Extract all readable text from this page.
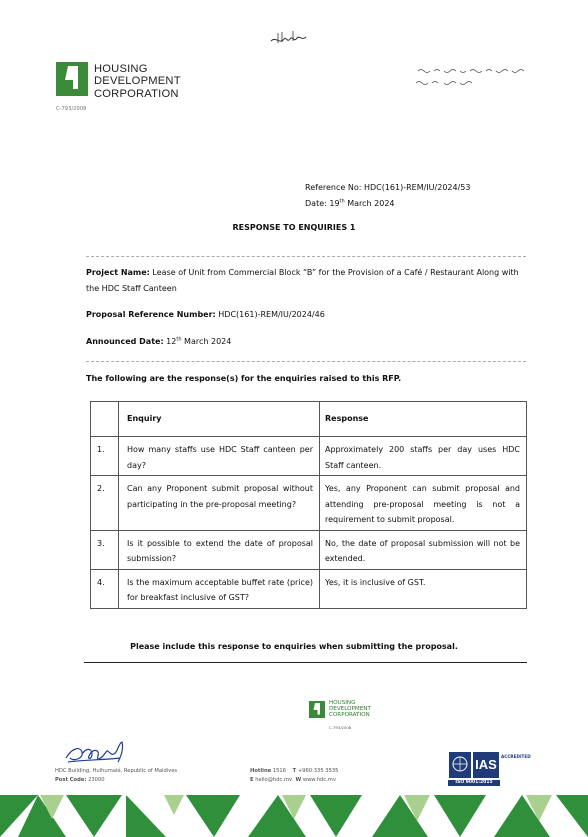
HOUSING
DEVELOPMENT
CORPORATION
C-793/2008
Reference No: HDC(161)-REM/IU/2024/53
Date: 19th March 2024
RESPONSE TO ENQUIRIES 1

Project Name: Lease of Unit from Commercial Block “B” for the Provision of a Café / Restaurant Along with the HDC Staff Canteen

Proposal Reference Number: HDC(161)-REM/IU/2024/46

Announced Date: 12th March 2024

The following are the response(s) for the enquiries raised to this RFP.
	Enquiry	Response
1.	How many staffs use HDC Staff canteen per day?	Approximately 200 staffs per day uses HDC Staff canteen.
2.	Can any Proponent submit proposal without participating in the pre-proposal meeting?	Yes, any Proponent can submit proposal and attending pre-proposal meeting is not a requirement to submit proposal.
3.	Is it possible to extend the date of proposal submission?	No, the date of proposal submission will not be extended.
4.	Is the maximum acceptable buffet rate (price) for breakfast inclusive of GST?	Yes, it is inclusive of GST.
Please include this response to enquiries when submitting the proposal.
HOUSING
DEVELOPMENT
CORPORATION
C-793/2008
HDC Building, Hulhumalé, Republic of Maldives
Post Code: 23000
Hotline 1516 T +960 335 3535
E hello@hdc.mv W www.hdc.mv
IAS
ACCREDITED
ISO 9001:2015
